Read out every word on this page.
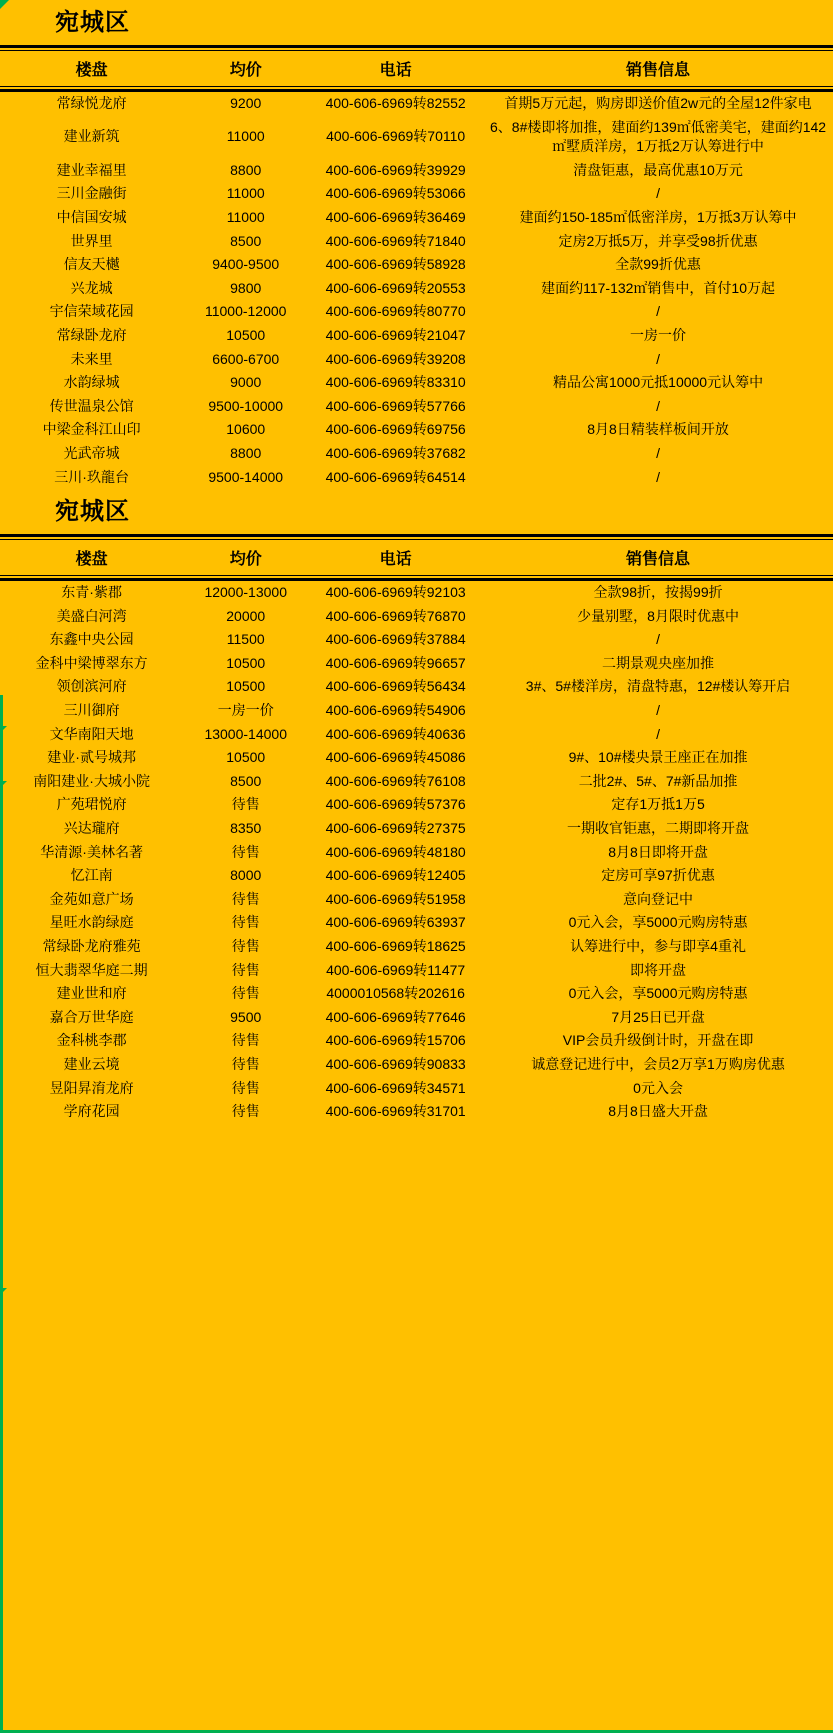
宛城区
楼盘	均价	电话	销售信息
常绿悦龙府	9200	400-606-6969转82552	首期5万元起，购房即送价值2w元的全屋12件家电
建业新筑	11000	400-606-6969转70110	6、8#楼即将加推，建面约139㎡低密美宅，建面约142㎡墅质洋房，1万抵2万认筹进行中
建业幸福里	8800	400-606-6969转39929	清盘钜惠，最高优惠10万元
三川金融街	11000	400-606-6969转53066	/
中信国安城	11000	400-606-6969转36469	建面约150-185㎡低密洋房，1万抵3万认筹中
世界里	8500	400-606-6969转71840	定房2万抵5万，并享受98折优惠
信友天樾	9400-9500	400-606-6969转58928	全款99折优惠
兴龙城	9800	400-606-6969转20553	建面约117-132㎡销售中，首付10万起
宇信荣域花园	11000-12000	400-606-6969转80770	/
常绿卧龙府	10500	400-606-6969转21047	一房一价
未来里	6600-6700	400-606-6969转39208	/
水韵绿城	9000	400-606-6969转83310	精品公寓1000元抵10000元认筹中
传世温泉公馆	9500-10000	400-606-6969转57766	/
中梁金科江山印	10600	400-606-6969转69756	8月8日精装样板间开放
光武帝城	8800	400-606-6969转37682	/
三川·玖龍台	9500-14000	400-606-6969转64514	/
宛城区
楼盘	均价	电话	销售信息
东青·紫郡	12000-13000	400-606-6969转92103	全款98折，按揭99折
美盛白河湾	20000	400-606-6969转76870	少量别墅，8月限时优惠中
东鑫中央公园	11500	400-606-6969转37884	/
金科中梁博翠东方	10500	400-606-6969转96657	二期景观央座加推
领创滨河府	10500	400-606-6969转56434	3#、5#楼洋房，清盘特惠，12#楼认筹开启
三川御府	一房一价	400-606-6969转54906	/
文华南阳天地	13000-14000	400-606-6969转40636	/
建业·贰号城邦	10500	400-606-6969转45086	9#、10#楼央景王座正在加推
南阳建业·大城小院	8500	400-606-6969转76108	二批2#、5#、7#新品加推
广苑珺悦府	待售	400-606-6969转57376	定存1万抵1万5
兴达瓏府	8350	400-606-6969转27375	一期收官钜惠，二期即将开盘
华清源·美林名著	待售	400-606-6969转48180	8月8日即将开盘
忆江南	8000	400-606-6969转12405	定房可享97折优惠
金苑如意广场	待售	400-606-6969转51958	意向登记中
星旺水韵绿庭	待售	400-606-6969转63937	0元入会，享5000元购房特惠
常绿卧龙府雅苑	待售	400-606-6969转18625	认筹进行中，参与即享4重礼
恒大翡翠华庭二期	待售	400-606-6969转11477	即将开盘
建业世和府	待售	4000010568转202616	0元入会，享5000元购房特惠
嘉合万世华庭	9500	400-606-6969转77646	7月25日已开盘
金科桃李郡	待售	400-606-6969转15706	VIP会员升级倒计时，开盘在即
建业云境	待售	400-606-6969转90833	诚意登记进行中，会员2万享1万购房优惠
昱阳昇淯龙府	待售	400-606-6969转34571	0元入会
学府花园	待售	400-606-6969转31701	8月8日盛大开盘
